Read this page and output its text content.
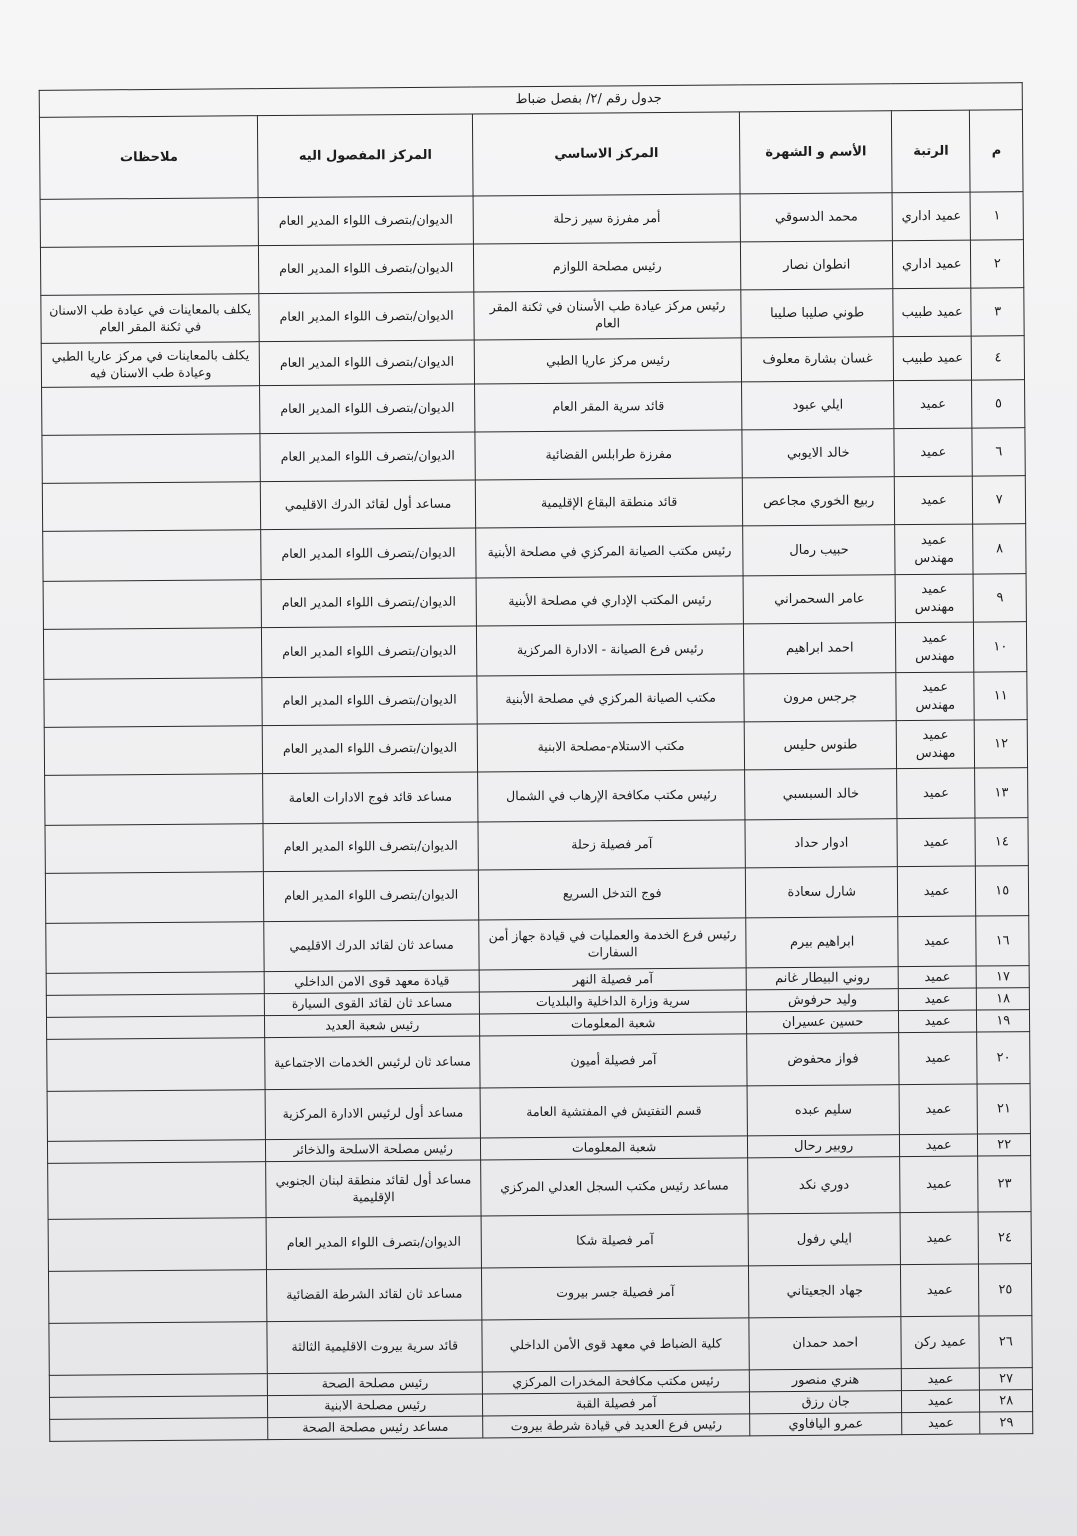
جدول رقم /٢/ بفصل ضباط					
م	الرتبة	الأسم و الشهرة	المركز الاساسي	المركز المفصول اليه	ملاحظات
١	عميد اداري	محمد الدسوقي	أمر مفرزة سير زحلة	الديوان/بتصرف اللواء المدير العام	
٢	عميد اداري	انطوان نصار	رئيس مصلحة اللوازم	الديوان/بتصرف اللواء المدير العام	
٣	عميد طبيب	طوني صليبا صليبا	رئيس مركز عيادة طب الأسنان في ثكنة المقر العام	الديوان/بتصرف اللواء المدير العام	يكلف بالمعاينات في عيادة طب الاسنان في ثكنة المقر العام
٤	عميد طبيب	غسان بشارة معلوف	رئيس مركز عاريا الطبي	الديوان/بتصرف اللواء المدير العام	يكلف بالمعاينات في مركز عاريا الطبي وعيادة طب الاسنان فيه
٥	عميد	ايلي عبود	قائد سرية المقر العام	الديوان/بتصرف اللواء المدير العام	
٦	عميد	خالد الايوبي	مفرزة طرابلس القضائية	الديوان/بتصرف اللواء المدير العام	
٧	عميد	ربيع الخوري مجاعص	قائد منطقة البقاع الإقليمية	مساعد أول لقائد الدرك الاقليمي	
٨	عميد مهندس	حبيب رمال	رئيس مكتب الصيانة المركزي في مصلحة الأبنية	الديوان/بتصرف اللواء المدير العام	
٩	عميد مهندس	عامر السحمراني	رئيس المكتب الإداري في مصلحة الأبنية	الديوان/بتصرف اللواء المدير العام	
١٠	عميد مهندس	احمد ابراهيم	رئيس فرع الصيانة - الادارة المركزية	الديوان/بتصرف اللواء المدير العام	
١١	عميد مهندس	جرجس مرون	مكتب الصيانة المركزي في مصلحة الأبنية	الديوان/بتصرف اللواء المدير العام	
١٢	عميد مهندس	طنوس حليس	مكتب الاستلام-مصلحة الابنية	الديوان/بتصرف اللواء المدير العام	
١٣	عميد	خالد السبسبي	رئيس مكتب مكافحة الإرهاب في الشمال	مساعد قائد فوج الادارات العامة	
١٤	عميد	ادوار حداد	آمر فصيلة زحلة	الديوان/بتصرف اللواء المدير العام	
١٥	عميد	شارل سعادة	فوج التدخل السريع	الديوان/بتصرف اللواء المدير العام	
١٦	عميد	ابراهيم بيرم	رئيس فرع الخدمة والعمليات في قيادة جهاز أمن السفارات	مساعد ثان لقائد الدرك الاقليمي	
١٧	عميد	روني البيطار غانم	آمر فصيلة النهر	قيادة معهد قوى الامن الداخلي	
١٨	عميد	وليد حرفوش	سرية وزارة الداخلية والبلديات	مساعد ثان لقائد القوى السيارة	
١٩	عميد	حسين عسيران	شعبة المعلومات	رئيس شعبة العديد	
٢٠	عميد	فواز محفوض	آمر فصيلة أميون	مساعد ثان لرئيس الخدمات الاجتماعية	
٢١	عميد	سليم عبده	قسم التفتيش في المفتشية العامة	مساعد أول لرئيس الادارة المركزية	
٢٢	عميد	روبير رحال	شعبة المعلومات	رئيس مصلحة الاسلحة والذخائر	
٢٣	عميد	دوري نكد	مساعد رئيس مكتب السجل العدلي المركزي	مساعد أول لقائد منطقة لبنان الجنوبي الإقليمية	
٢٤	عميد	ايلي رفول	آمر فصيلة شكا	الديوان/بتصرف اللواء المدير العام	
٢٥	عميد	جهاد الجعيتاني	آمر فصيلة جسر بيروت	مساعد ثان لقائد الشرطة القضائية	
٢٦	عميد ركن	احمد حمدان	كلية الضباط في معهد قوى الأمن الداخلي	قائد سرية بيروت الاقليمية الثالثة	
٢٧	عميد	هنري منصور	رئيس مكتب مكافحة المخدرات المركزي	رئيس مصلحة الصحة	
٢٨	عميد	جان رزق	آمر فصيلة القبة	رئيس مصلحة الابنية	
٢٩	عميد	عمرو اليافاوي	رئيس فرع العديد في قيادة شرطة بيروت	مساعد رئيس مصلحة الصحة	
